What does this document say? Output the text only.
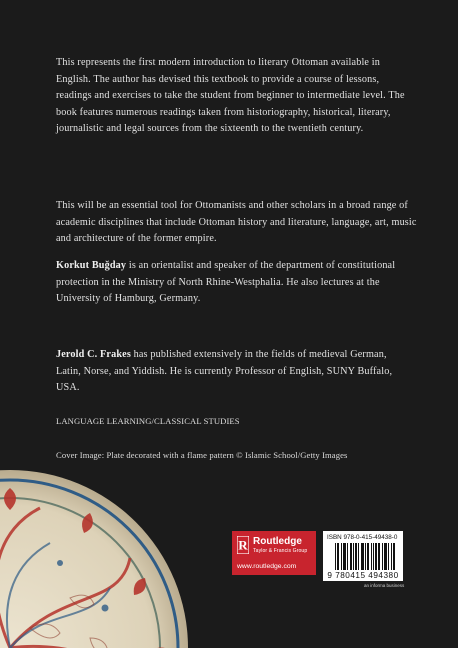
This represents the first modern introduction to literary Ottoman available in English. The author has devised this textbook to provide a course of lessons, readings and exercises to take the student from beginner to intermediate level. The book features numerous readings taken from historiography, historical, literary, journalistic and legal sources from the sixteenth to the twentieth century.
This will be an essential tool for Ottomanists and other scholars in a broad range of academic disciplines that include Ottoman history and literature, language, art, music and architecture of the former empire.
Korkut Buğday is an orientalist and speaker of the department of constitutional protection in the Ministry of North Rhine-Westphalia. He also lectures at the University of Hamburg, Germany.
Jerold C. Frakes has published extensively in the fields of medieval German, Latin, Norse, and Yiddish. He is currently Professor of English, SUNY Buffalo, USA.
LANGUAGE LEARNING/CLASSICAL STUDIES
Cover Image: Plate decorated with a flame pattern © Islamic School/Getty Images
R Routledge
Taylor & Francis Group
www.routledge.com
ISBN 978-0-415-49438-0
9 780415 494380
an informa business
